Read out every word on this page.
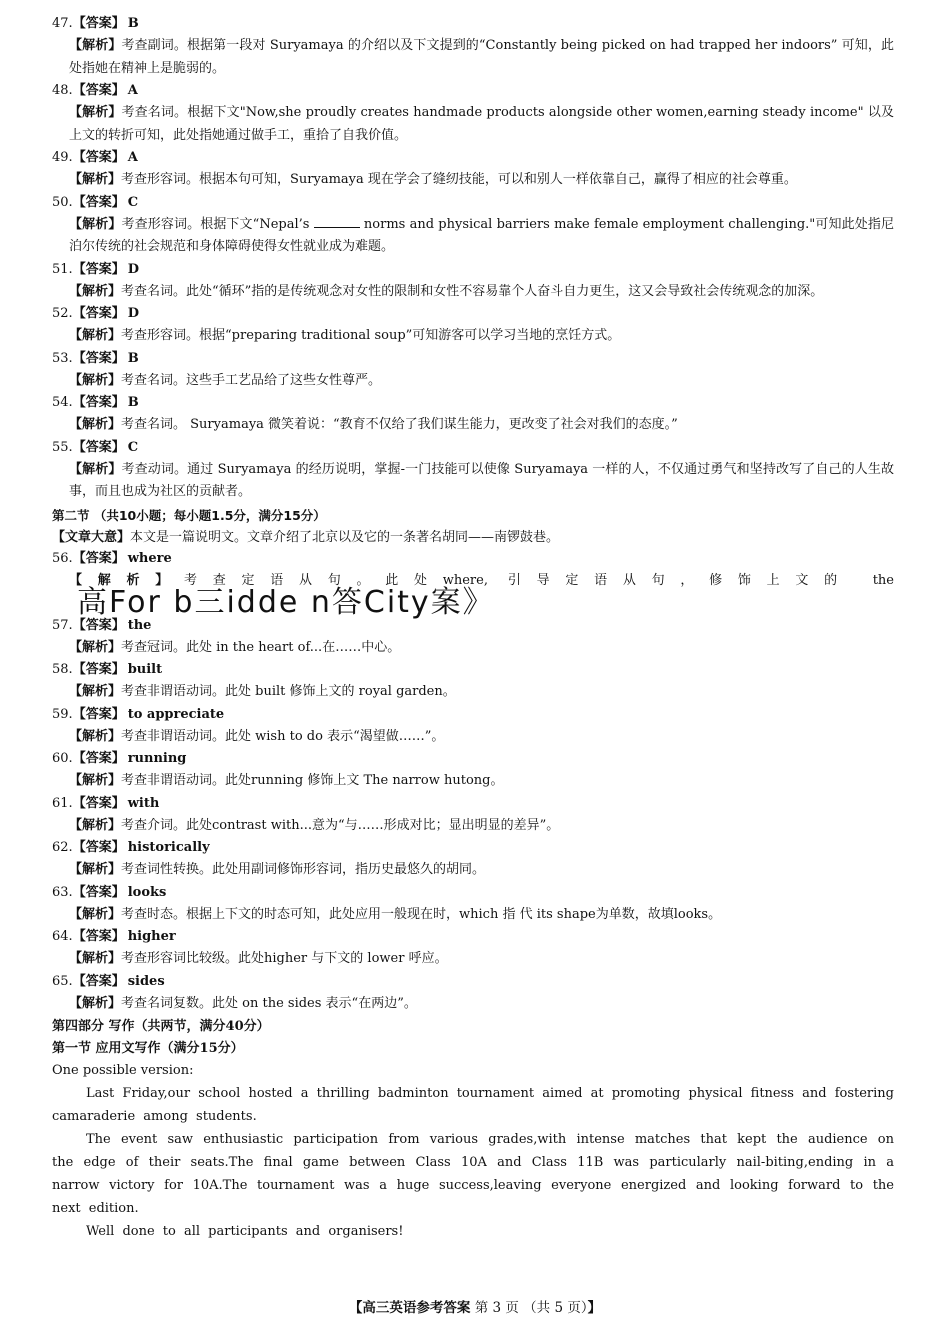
47.【答案】 B
【解析】考查副词。根据第一段对 Suryamaya 的介绍以及下文提到的“Constantly being picked on had trapped her indoors” 可知，此处指她在精神上是脆弱的。
48.【答案】 A
【解析】考查名词。根据下文"Now,she proudly creates handmade products alongside other women,earning steady income" 以及上文的转折可知，此处指她通过做手工，重拾了自我价值。
49.【答案】 A
【解析】考查形容词。根据本句可知，Suryamaya 现在学会了缝纫技能，可以和别人一样依靠自己，赢得了相应的社会尊重。
50.【答案】 C
【解析】考查形容词。根据下文“Nepal’s	norms and physical barriers make female employment challenging."可知此处指尼泊尔传统的社会规范和身体障碍使得女性就业成为难题。
51.【答案】 D
【解析】考查名词。此处“循环”指的是传统观念对女性的限制和女性不容易靠个人奋斗自力更生，这又会导致社会传统观念的加深。
52.【答案】 D
【解析】考查形容词。根据“preparing traditional soup”可知游客可以学习当地的烹饪方式。
53.【答案】 B
【解析】考查名词。这些手工艺品给了这些女性尊严。
54.【答案】 B
【解析】考查名词。 Suryamaya 微笑着说：“教育不仅给了我们谋生能力，更改变了社会对我们的态度。”
55.【答案】 C
【解析】考查动词。通过 Suryamaya 的经历说明，掌握-一门技能可以使像 Suryamaya 一样的人，不仅通过勇气和坚持改写了自己的人生故事，而且也成为社区的贡献者。
第二节 （共10小题；每小题1.5分，满分15分）
【文章大意】本文是一篇说明文。文章介绍了北京以及它的一条著名胡同——南锣鼓巷。
56.【答案】 where
【解析】考查定语从句。此处where, 引导定语从句，修饰上文的 the高For b三idde n答City案》
57.【答案】 the
【解析】考查冠词。此处 in the heart of...在……中心。
58.【答案】 built
【解析】考查非谓语动词。此处 built 修饰上文的 royal garden。
59.【答案】 to appreciate
【解析】考查非谓语动词。此处 wish to do 表示“渴望做……”。
60.【答案】 running
【解析】考查非谓语动词。此处running 修饰上文 The narrow hutong。
61.【答案】 with
【解析】考查介词。此处contrast with...意为“与……形成对比；显出明显的差异”。
62.【答案】 historically
【解析】考查词性转换。此处用副词修饰形容词，指历史最悠久的胡同。
63.【答案】 looks
【解析】考查时态。根据上下文的时态可知，此处应用一般现在时，which 指 代 its shape为单数，故填looks。
64.【答案】 higher
【解析】考查形容词比较级。此处higher 与下文的 lower 呼应。
65.【答案】 sides
【解析】考查名词复数。此处 on the sides 表示“在两边”。
第四部分 写作（共两节，满分40分）
第一节 应用文写作（满分15分）
One possible version:
Last Friday,our school hosted a thrilling badminton tournament aimed at promoting physical fitness and fostering camaraderie among students.
The event saw enthusiastic participation from various grades,with intense matches that kept the audience on the edge of their seats.The final game between Class 10A and Class 11B was particularly nail-biting,ending in a narrow victory for 10A.The tournament was a huge success,leaving everyone energized and looking forward to the next edition.
Well done to all participants and organisers!
【高三英语参考答案 第 3 页 （共 5 页）】
